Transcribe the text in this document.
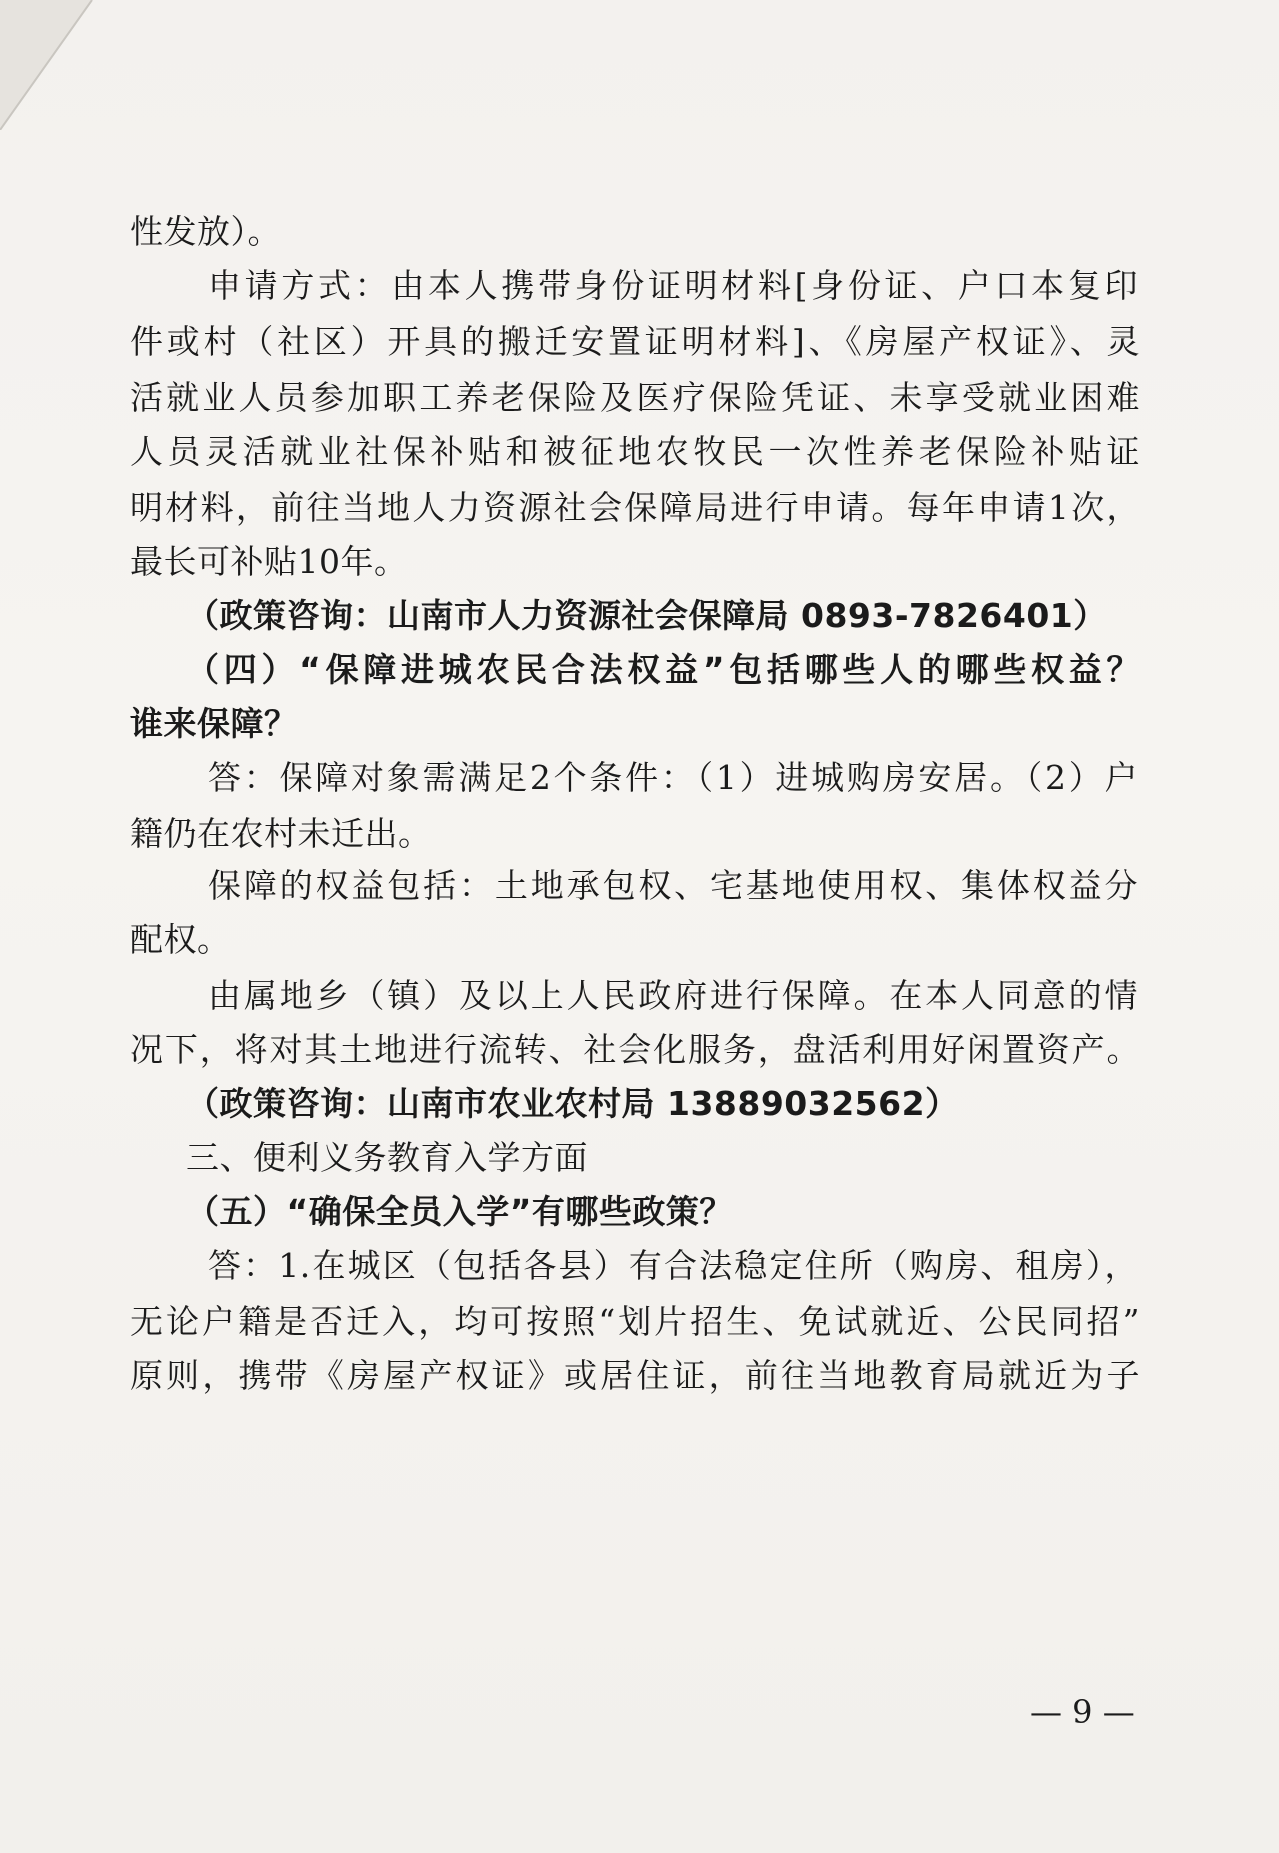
性发放）。
申请方式：由本人携带身份证明材料[身份证、户口本复印
件或村（社区）开具的搬迁安置证明材料]、《房屋产权证》、灵
活就业人员参加职工养老保险及医疗保险凭证、未享受就业困难
人员灵活就业社保补贴和被征地农牧民一次性养老保险补贴证
明材料，前往当地人力资源社会保障局进行申请。每年申请1次，
最长可补贴10年。
（政策咨询：山南市人力资源社会保障局 0893-7826401）
（四）“保障进城农民合法权益”包括哪些人的哪些权益？
谁来保障？
答：保障对象需满足2个条件：（1）进城购房安居。（2）户
籍仍在农村未迁出。
保障的权益包括：土地承包权、宅基地使用权、集体权益分
配权。
由属地乡（镇）及以上人民政府进行保障。在本人同意的情
况下，将对其土地进行流转、社会化服务，盘活利用好闲置资产。
（政策咨询：山南市农业农村局 13889032562）
三、便利义务教育入学方面
（五）“确保全员入学”有哪些政策？
答：1.在城区（包括各县）有合法稳定住所（购房、租房），
无论户籍是否迁入，均可按照“划片招生、免试就近、公民同招”
原则，携带《房屋产权证》或居住证，前往当地教育局就近为子
— 9 —
